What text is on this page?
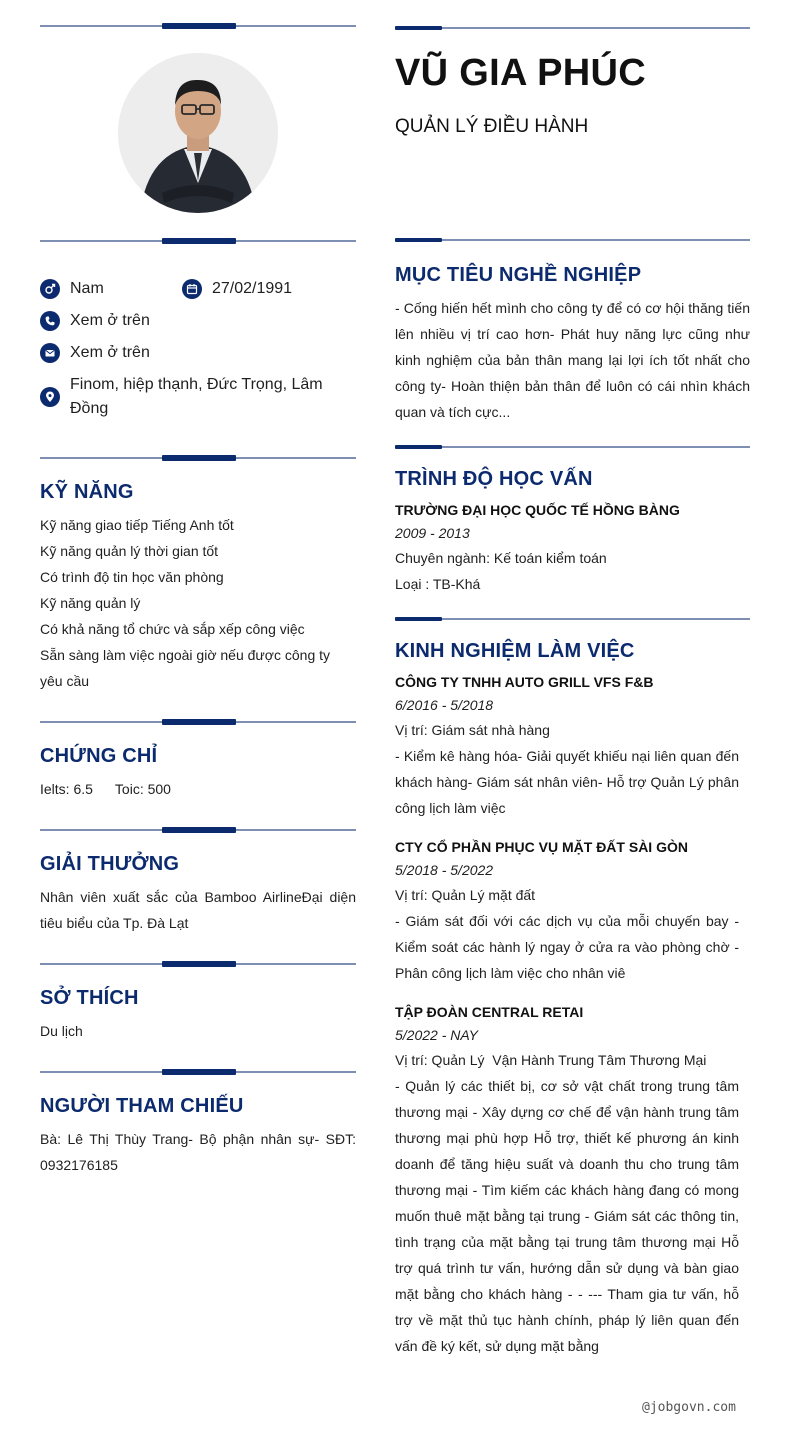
Nam	27/02/1991
Xem ở trên
Xem ở trên
Finom, hiệp thạnh, Đức Trọng, Lâm Đồng
KỸ NĂNG
Kỹ năng giao tiếp Tiếng Anh tốt
Kỹ năng quản lý thời gian tốt
Có trình độ tin học văn phòng
Kỹ năng quản lý
Có khả năng tổ chức và sắp xếp công việc
Sẵn sàng làm việc ngoài giờ nếu được công ty yêu cầu
CHỨNG CHỈ
Ielts: 6.5 Toic: 500
GIẢI THƯỞNG
Nhân viên xuất sắc của Bamboo AirlineĐại diện tiêu biểu của Tp. Đà Lạt
SỞ THÍCH
Du lịch
NGƯỜI THAM CHIẾU
Bà: Lê Thị Thùy Trang- Bộ phận nhân sự- SĐT: 0932176185
VŨ GIA PHÚC
QUẢN LÝ ĐIỀU HÀNH
MỤC TIÊU NGHỀ NGHIỆP
- Cống hiến hết mình cho công ty để có cơ hội thăng tiến lên nhiều vị trí cao hơn- Phát huy năng lực cũng như kinh nghiệm của bản thân mang lại lợi ích tốt nhất cho công ty- Hoàn thiện bản thân để luôn có cái nhìn khách quan và tích cực...
TRÌNH ĐỘ HỌC VẤN
TRƯỜNG ĐẠI HỌC QUỐC TẾ HỒNG BÀNG
2009 - 2013
Chuyên ngành: Kế toán kiểm toán
Loại : TB-Khá
KINH NGHIỆM LÀM VIỆC
CÔNG TY TNHH AUTO GRILL VFS F&B
6/2016 - 5/2018
Vị trí: Giám sát nhà hàng
- Kiểm kê hàng hóa- Giải quyết khiếu nại liên quan đến khách hàng- Giám sát nhân viên- Hỗ trợ Quản Lý phân công lịch làm việc
CTY CỔ PHẦN PHỤC VỤ MẶT ĐẤT SÀI GÒN
5/2018 - 5/2022
Vị trí: Quản Lý mặt đất
- Giám sát đối với các dịch vụ của mỗi chuyến bay - Kiểm soát các hành lý ngay ở cửa ra vào phòng chờ - Phân công lịch làm việc cho nhân viê
TẬP ĐOÀN CENTRAL RETAI
5/2022 - NAY
Vị trí: Quản Lý  Vận Hành Trung Tâm Thương Mại
- Quản lý các thiết bị, cơ sở vật chất trong trung tâm thương mại - Xây dựng cơ chế để vận hành trung tâm thương mại phù hợp Hỗ trợ, thiết kế phương án kinh doanh để tăng hiệu suất và doanh thu cho trung tâm thương mại - Tìm kiếm các khách hàng đang có mong muốn thuê mặt bằng tại trung - Giám sát các thông tin, tình trạng của mặt bằng tại trung tâm thương mại Hỗ trợ quá trình tư vấn, hướng dẫn sử dụng và bàn giao mặt bằng cho khách hàng - - --- Tham gia tư vấn, hỗ trợ về mặt thủ tục hành chính, pháp lý liên quan đến vấn đề ký kết, sử dụng mặt bằng
@jobgovn.com
